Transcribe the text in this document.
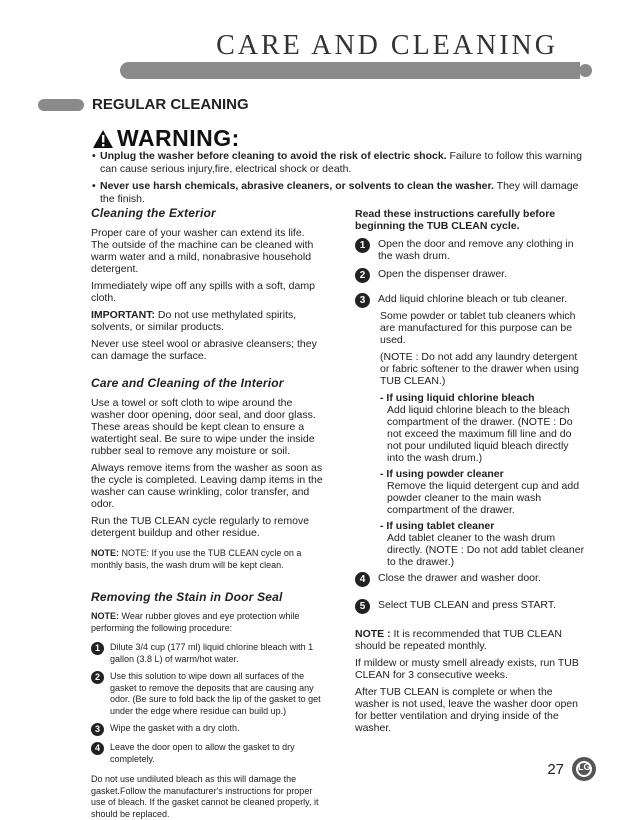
CARE AND CLEANING
REGULAR CLEANING
WARNING:
• Unplug the washer before cleaning to avoid the risk of electric shock. Failure to follow this warning can cause serious injury,fire, electrical shock or death.
• Never use harsh chemicals, abrasive cleaners, or solvents to clean the washer. They will damage the finish.
Cleaning the Exterior
Proper care of your washer can extend its life. The outside of the machine can be cleaned with warm water and a mild, nonabrasive household detergent.
Immediately wipe off any spills with a soft, damp cloth.
IMPORTANT: Do not use methylated spirits, solvents, or similar products.
Never use steel wool or abrasive cleansers; they can damage the surface.
Care and Cleaning of the Interior
Use a towel or soft cloth to wipe around the washer door opening, door seal, and door glass. These areas should be kept clean to ensure a watertight seal. Be sure to wipe under the inside rubber seal to remove any moisture or soil.
Always remove items from the washer as soon as the cycle is completed. Leaving damp items in the washer can cause wrinkling, color transfer, and odor.
Run the TUB CLEAN cycle regularly to remove detergent buildup and other residue.
NOTE: NOTE: If you use the TUB CLEAN cycle on a monthly basis, the wash drum will be kept clean.
Removing the Stain in Door Seal
NOTE: Wear rubber gloves and eye protection while performing the following procedure:
1	Dilute 3/4 cup (177 ml) liquid chlorine bleach with 1 gallon (3.8 L) of warm/hot water.
2	Use this solution to wipe down all surfaces of the gasket to remove the deposits that are causing any odor. (Be sure to fold back the lip of the gasket to get under the edge where residue can build up.)
3	Wipe the gasket with a dry cloth.
4	Leave the door open to allow the gasket to dry completely.
Do not use undiluted bleach as this will damage the gasket.Follow the manufacturer's instructions for proper use of bleach. If the gasket cannot be cleaned properly, it should be replaced.
Read these instructions carefully before beginning the TUB CLEAN cycle.
1	Open the door and remove any clothing in the wash drum.
2	Open the dispenser drawer.
3	Add liquid chlorine bleach or tub cleaner.
Some powder or tablet tub cleaners which are manufactured for this purpose can be used.
(NOTE : Do not add any laundry detergent or fabric softener to the drawer when using TUB CLEAN.)
- If using liquid chlorine bleach
Add liquid chlorine bleach to the bleach compartment of the drawer. (NOTE : Do not exceed the maximum fill line and do not pour undiluted liquid bleach directly into the wash drum.)
- If using powder cleaner
Remove the liquid detergent cup and add powder cleaner to the main wash compartment of the drawer.
- If using tablet cleaner
Add tablet cleaner to the wash drum directly. (NOTE : Do not add tablet cleaner to the drawer.)
4	Close the drawer and washer door.
5	Select TUB CLEAN and press START.
NOTE : It is recommended that TUB CLEAN should be repeated monthly.
If mildew or musty smell already exists, run TUB CLEAN for 3 consecutive weeks.
After TUB CLEAN is complete or when the washer is not used, leave the washer door open for better ventilation and drying inside of the washer.
27 LG
